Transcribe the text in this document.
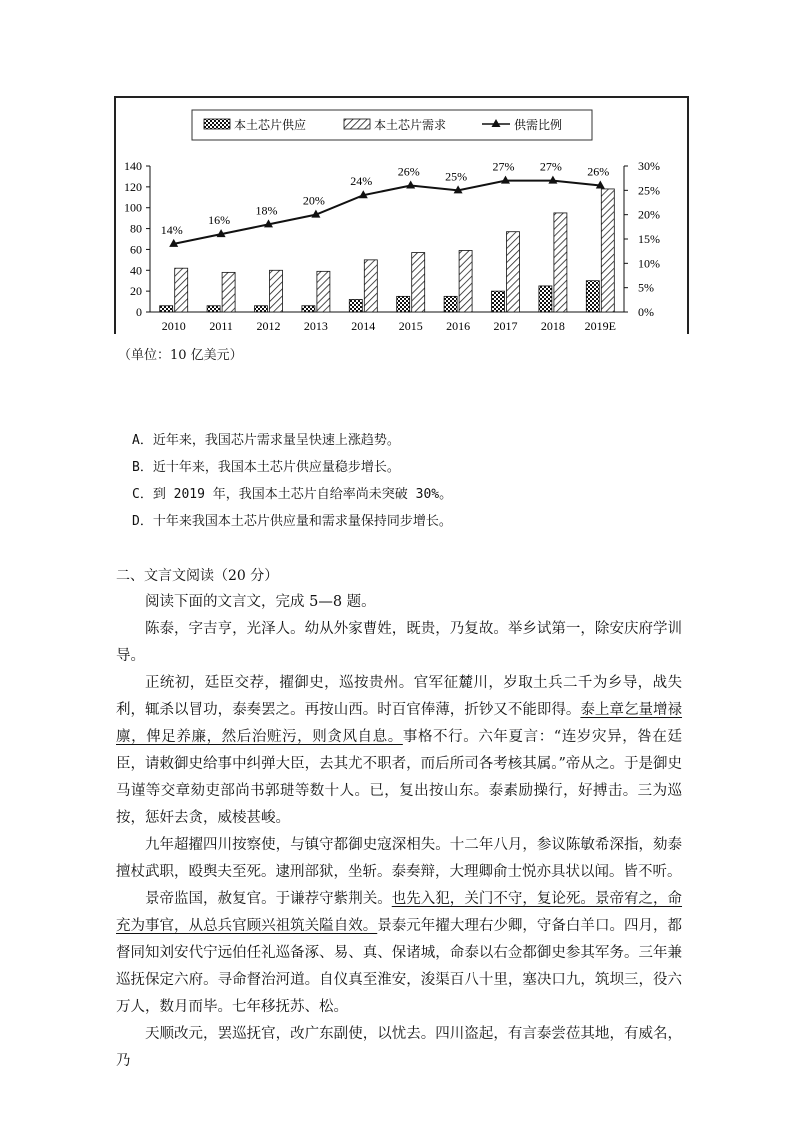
本土芯片供应	本土芯片需求	供需比例
0
20
40
60
80
100
120
140
0%
5%
10%
15%
20%
25%
30%
2010 2011 2012 2013 2014 2015 2016 2017 2018 2019E
14%
16%
18%
20%
24%
26% 25%
27% 27% 26%
（单位：10 亿美元）
A．近年来，我国芯片需求量呈快速上涨趋势。
B．近十年来，我国本土芯片供应量稳步增长。
C．到 2019 年，我国本土芯片自给率尚未突破 30%。
D．十年来我国本土芯片供应量和需求量保持同步增长。
二、文言文阅读（20 分）

阅读下面的文言文，完成 5—8 题。

陈泰，字吉亨，光泽人。幼从外家曹姓，既贵，乃复故。举乡试第一，除安庆府学训导。

正统初，廷臣交荐，擢御史，巡按贵州。官军征麓川，岁取土兵二千为乡导，战失利，辄杀以冒功，泰奏罢之。再按山西。时百官俸薄，折钞又不能即得。泰上章乞量增禄廪，俾足养廉，然后治赃污，则贪风自息。事格不行。六年夏言：“连岁灾异，咎在廷臣，请敕御史给事中纠弹大臣，去其尤不职者，而后所司各考核其属。”帝从之。于是御史马谨等交章劾吏部尚书郭琎等数十人。已，复出按山东。泰素励操行，好搏击。三为巡按，惩奸去贪，威棱甚峻。

九年超擢四川按察使，与镇守都御史寇深相失。十二年八月，参议陈敏希深指，劾泰擅杖武职，殴舆夫至死。逮刑部狱，坐斩。泰奏辩，大理卿俞士悦亦具状以闻。皆不听。

景帝监国，赦复官。于谦荐守紫荆关。也先入犯，关门不守，复论死。景帝宥之，命充为事官，从总兵官顾兴祖筑关隘自效。景泰元年擢大理右少卿，守备白羊口。四月，都督同知刘安代宁远伯任礼巡备涿、易、真、保诸城，命泰以右佥都御史参其军务。三年兼巡抚保定六府。寻命督治河道。自仪真至淮安，浚渠百八十里，塞决口九，筑坝三，役六万人，数月而毕。七年移抚苏、松。

天顺改元，罢巡抚官，改广东副使，以忧去。四川盗起，有言泰尝莅其地，有威名，乃
